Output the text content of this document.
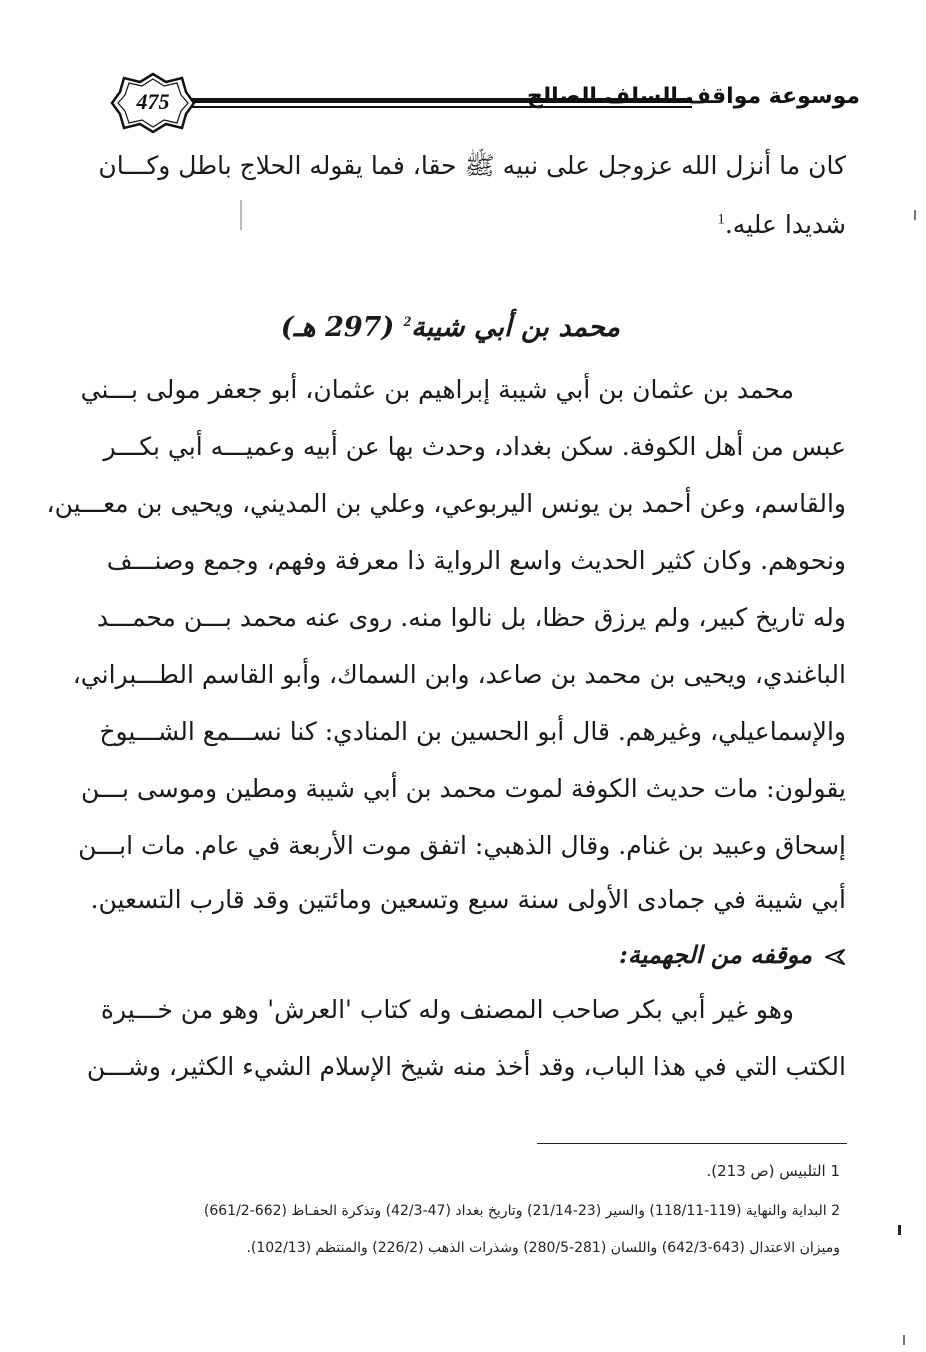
475	موسوعة مواقف السلف الصالح
كان ما أنزل الله عزوجل على نبيه ﷺ حقا، فما يقوله الحلاج باطل وكـــان
شديدا عليه.$^1$
محمد بن أبي شيبة$^2$ (297 هـ)
محمد بن عثمان بن أبي شيبة إبراهيم بن عثمان، أبو جعفر مولى بـــني
عبس من أهل الكوفة. سكن بغداد، وحدث بها عن أبيه وعميـــه أبي بكـــر
والقاسم، وعن أحمد بن يونس اليربوعي، وعلي بن المديني، ويحيى بن معـــين،
ونحوهم. وكان كثير الحديث واسع الرواية ذا معرفة وفهم، وجمع وصنـــف
وله تاريخ كبير، ولم يرزق حظا، بل نالوا منه. روى عنه محمد بـــن محمـــد
الباغندي، ويحيى بن محمد بن صاعد، وابن السماك، وأبو القاسم الطـــبراني،
والإسماعيلي، وغيرهم. قال أبو الحسين بن المنادي: كنا نســـمع الشـــيوخ
يقولون: مات حديث الكوفة لموت محمد بن أبي شيبة ومطين وموسى بـــن
إسحاق وعبيد بن غنام. وقال الذهبي: اتفق موت الأربعة في عام. مات ابـــن
أبي شيبة في جمادى الأولى سنة سبع وتسعين ومائتين وقد قارب التسعين.
موقفه من الجهمية:
وهو غير أبي بكر صاحب المصنف وله كتاب 'العرش' وهو من خـــيرة
الكتب التي في هذا الباب، وقد أخذ منه شيخ الإسلام الشيء الكثير، وشـــن
1 التلبيس (ص 213).
2 البداية والنهاية (119-118/11) والسير (23-21/14) وتاريخ بغداد (47-42/3) وتذكرة الحفـاظ (662-661/2)
وميزان الاعتدال (643-642/3) واللسان (281-280/5) وشذرات الذهب (226/2) والمنتظم (102/13).
